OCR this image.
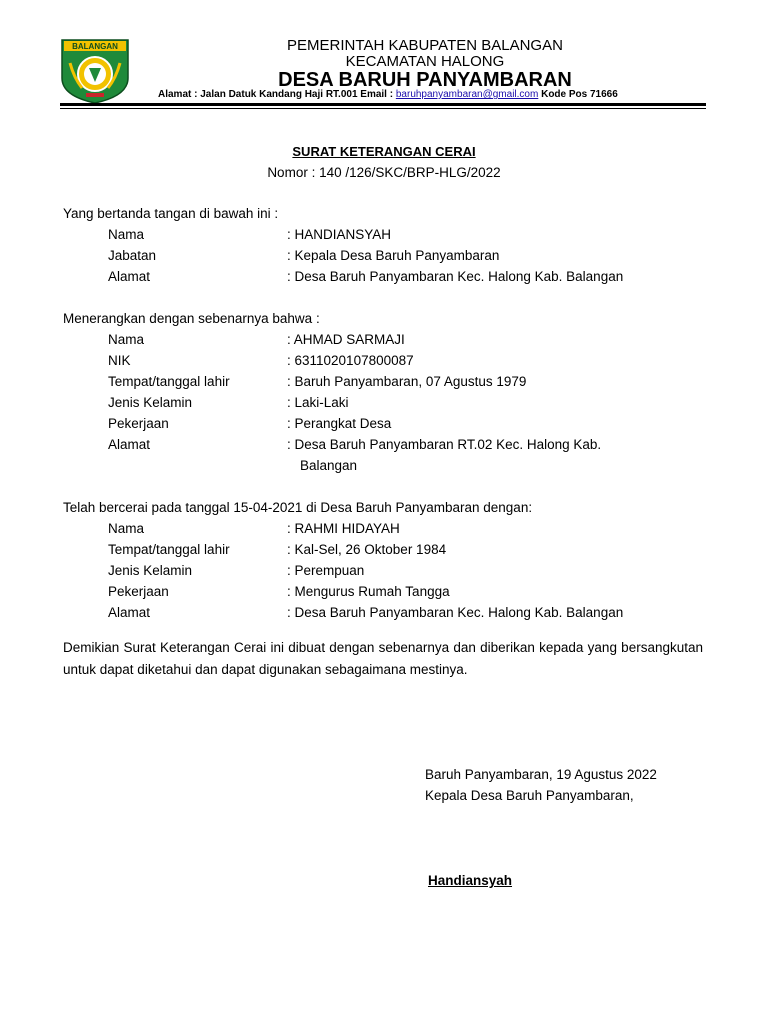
BALANGAN	PEMERINTAH KABUPATEN BALANGAN
KECAMATAN HALONG
DESA BARUH PANYAMBARAN
Alamat : Jalan Datuk Kandang Haji RT.001 Email : baruhpanyambaran@gmail.com Kode Pos 71666
SURAT KETERANGAN CERAI
Nomor : 140 /126/SKC/BRP-HLG/2022
Yang bertanda tangan di bawah ini :
Nama	: HANDIANSYAH
Jabatan	: Kepala Desa Baruh Panyambaran
Alamat	: Desa Baruh Panyambaran Kec. Halong Kab. Balangan
Menerangkan dengan sebenarnya bahwa :
Nama	: AHMAD SARMAJI
NIK	: 6311020107800087
Tempat/tanggal lahir	: Baruh Panyambaran, 07 Agustus 1979
Jenis Kelamin	: Laki-Laki
Pekerjaan	: Perangkat Desa
Alamat	: Desa Baruh Panyambaran RT.02 Kec. Halong Kab.
Balangan
Telah bercerai pada tanggal 15-04-2021 di Desa Baruh Panyambaran dengan:
Nama	: RAHMI HIDAYAH
Tempat/tanggal lahir	: Kal-Sel, 26 Oktober 1984
Jenis Kelamin	: Perempuan
Pekerjaan	: Mengurus Rumah Tangga
Alamat	: Desa Baruh Panyambaran Kec. Halong Kab. Balangan
Demikian Surat Keterangan Cerai ini dibuat dengan sebenarnya dan diberikan kepada yang bersangkutan untuk dapat diketahui dan dapat digunakan sebagaimana mestinya.
Baruh Panyambaran, 19 Agustus 2022
Kepala Desa Baruh Panyambaran,
Handiansyah
